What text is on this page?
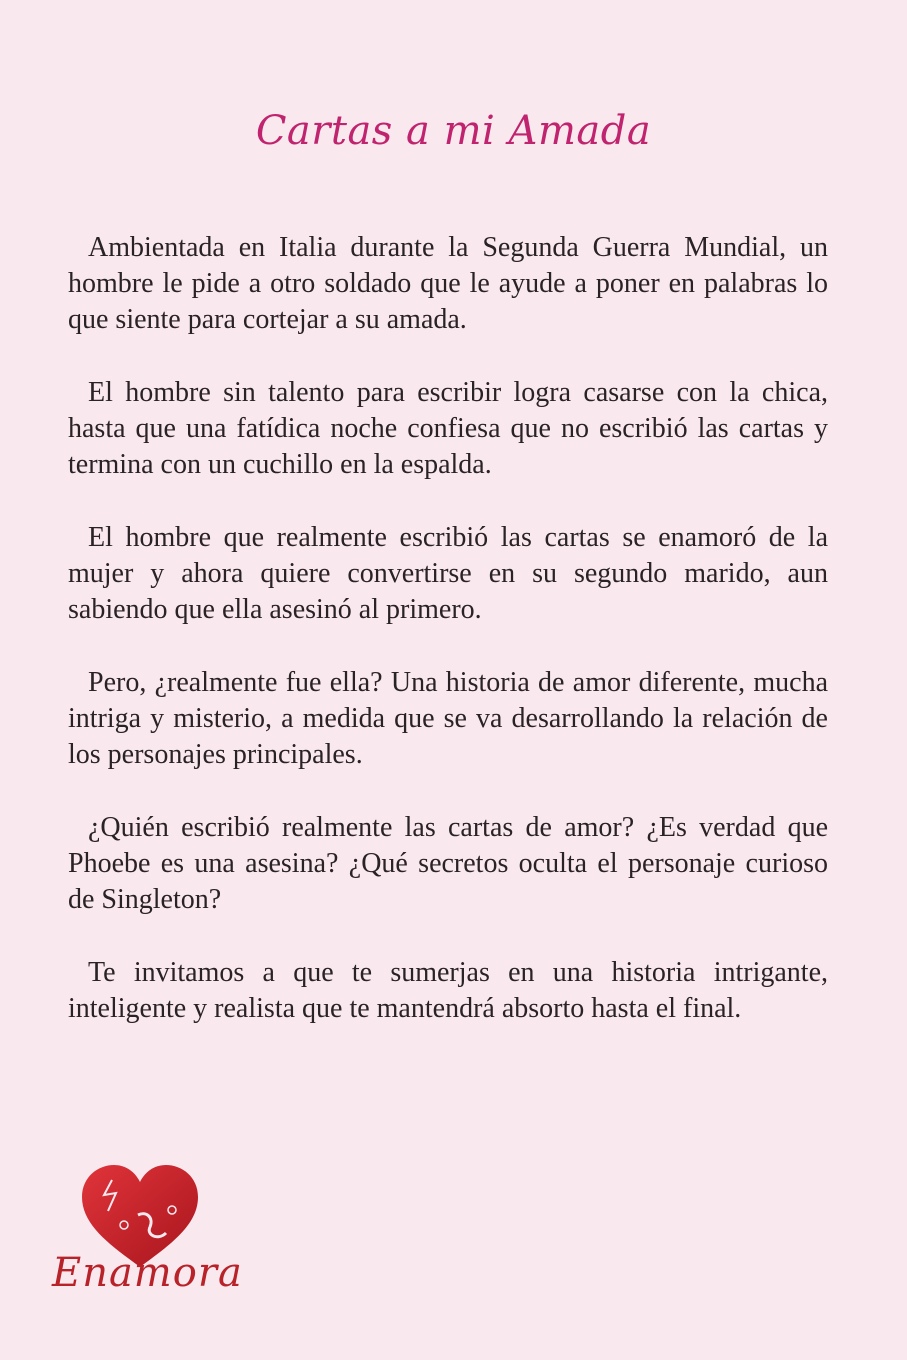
Cartas a mi Amada

Ambientada en Italia durante la Segunda Guerra Mundial, un hombre le pide a otro soldado que le ayude a poner en palabras lo que siente para cortejar a su amada.

El hombre sin talento para escribir logra casarse con la chica, hasta que una fatídica noche confiesa que no escribió las cartas y termina con un cuchillo en la espalda.

El hombre que realmente escribió las cartas se enamoró de la mujer y ahora quiere convertirse en su segundo marido, aun sabiendo que ella asesinó al primero.

Pero, ¿realmente fue ella? Una historia de amor diferente, mucha intriga y misterio, a medida que se va desarrollando la relación de los personajes principales.

¿Quién escribió realmente las cartas de amor? ¿Es verdad que Phoebe es una asesina? ¿Qué secretos oculta el personaje curioso de Singleton?

Te invitamos a que te sumerjas en una historia intrigante, inteligente y realista que te mantendrá absorto hasta el final.

Enamora
